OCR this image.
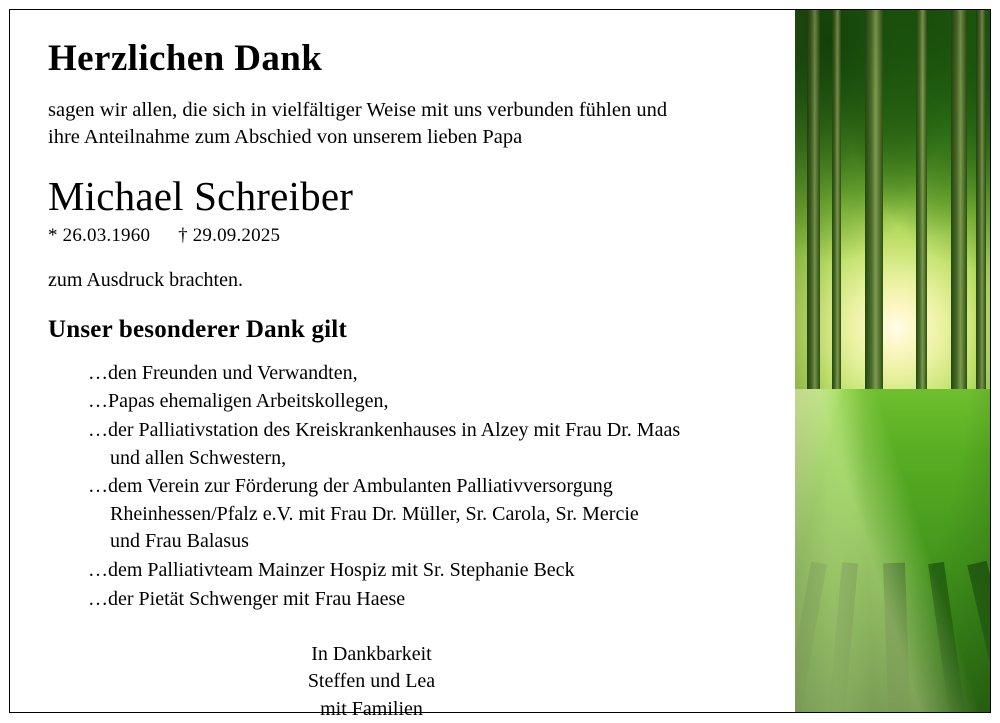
Herzlichen Dank
sagen wir allen, die sich in vielfältiger Weise mit uns verbunden fühlen und
ihre Anteilnahme zum Abschied von unserem lieben Papa
Michael Schreiber
* 26.03.1960 † 29.09.2025
zum Ausdruck brachten.
Unser besonderer Dank gilt
…den Freunden und Verwandten,
…Papas ehemaligen Arbeitskollegen,
…der Palliativstation des Kreiskrankenhauses in Alzey mit Frau Dr. Maas
und allen Schwestern,
…dem Verein zur Förderung der Ambulanten Palliativversorgung
Rheinhessen/Pfalz e.V. mit Frau Dr. Müller, Sr. Carola, Sr. Mercie
und Frau Balasus
…dem Palliativteam Mainzer Hospiz mit Sr. Stephanie Beck
…der Pietät Schwenger mit Frau Haese
In Dankbarkeit
Steffen und Lea
mit Familien
